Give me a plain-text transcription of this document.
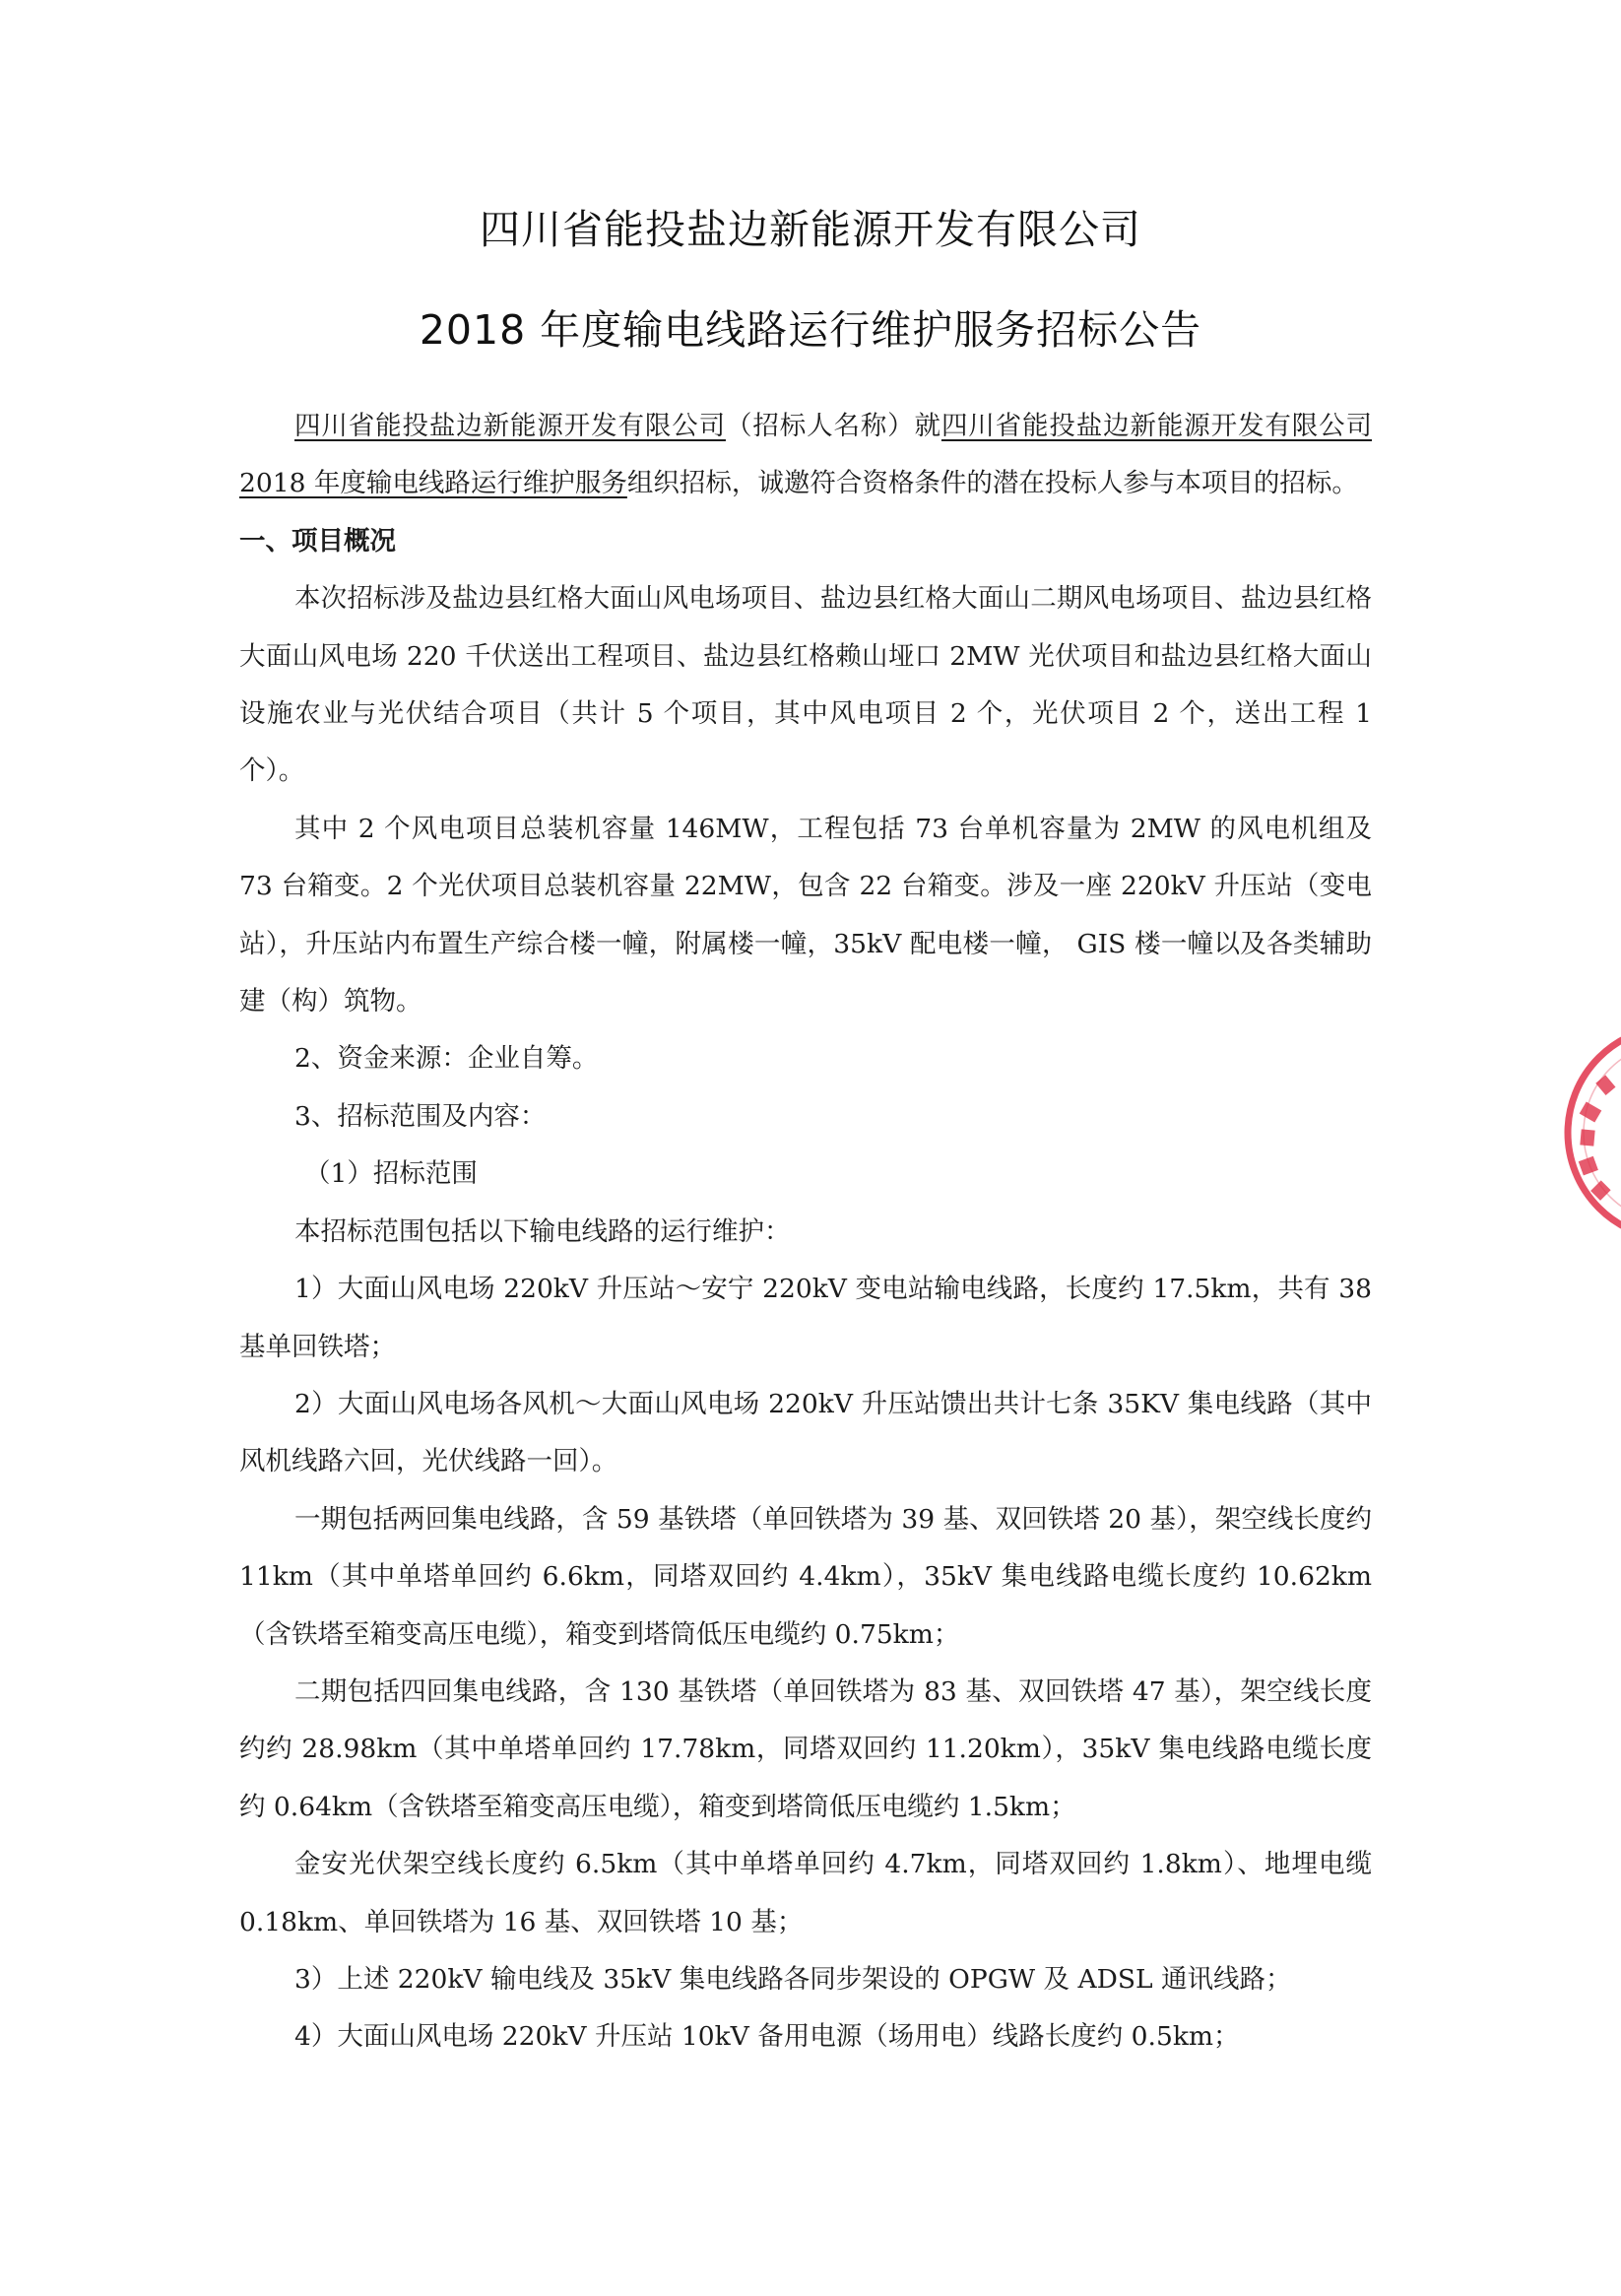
四川省能投盐边新能源开发有限公司
2018 年度输电线路运行维护服务招标公告

四川省能投盐边新能源开发有限公司（招标人名称）就四川省能投盐边新能源开发有限公司 2018 年度输电线路运行维护服务组织招标，诚邀符合资格条件的潜在投标人参与本项目的招标。

一、项目概况

本次招标涉及盐边县红格大面山风电场项目、盐边县红格大面山二期风电场项目、盐边县红格大面山风电场 220 千伏送出工程项目、盐边县红格赖山垭口 2MW 光伏项目和盐边县红格大面山设施农业与光伏结合项目（共计 5 个项目，其中风电项目 2 个，光伏项目 2 个，送出工程 1 个）。

其中 2 个风电项目总装机容量 146MW，工程包括 73 台单机容量为 2MW 的风电机组及 73 台箱变。2 个光伏项目总装机容量 22MW，包含 22 台箱变。涉及一座 220kV 升压站（变电站），升压站内布置生产综合楼一幢，附属楼一幢，35kV 配电楼一幢， GIS 楼一幢以及各类辅助建（构）筑物。

2、资金来源：企业自筹。

3、招标范围及内容：

（1）招标范围

本招标范围包括以下输电线路的运行维护：

1）大面山风电场 220kV 升压站～安宁 220kV 变电站输电线路，长度约 17.5km，共有 38 基单回铁塔；

2）大面山风电场各风机～大面山风电场 220kV 升压站馈出共计七条 35KV 集电线路（其中风机线路六回，光伏线路一回）。

一期包括两回集电线路，含 59 基铁塔（单回铁塔为 39 基、双回铁塔 20 基），架空线长度约 11km（其中单塔单回约 6.6km，同塔双回约 4.4km），35kV 集电线路电缆长度约 10.62km（含铁塔至箱变高压电缆），箱变到塔筒低压电缆约 0.75km；

二期包括四回集电线路，含 130 基铁塔（单回铁塔为 83 基、双回铁塔 47 基），架空线长度约约 28.98km（其中单塔单回约 17.78km，同塔双回约 11.20km），35kV 集电线路电缆长度约 0.64km（含铁塔至箱变高压电缆），箱变到塔筒低压电缆约 1.5km；

金安光伏架空线长度约 6.5km（其中单塔单回约 4.7km，同塔双回约 1.8km）、地埋电缆 0.18km、单回铁塔为 16 基、双回铁塔 10 基；

3）上述 220kV 输电线及 35kV 集电线路各同步架设的 OPGW 及 ADSL 通讯线路；

4）大面山风电场 220kV 升压站 10kV 备用电源（场用电）线路长度约 0.5km；
